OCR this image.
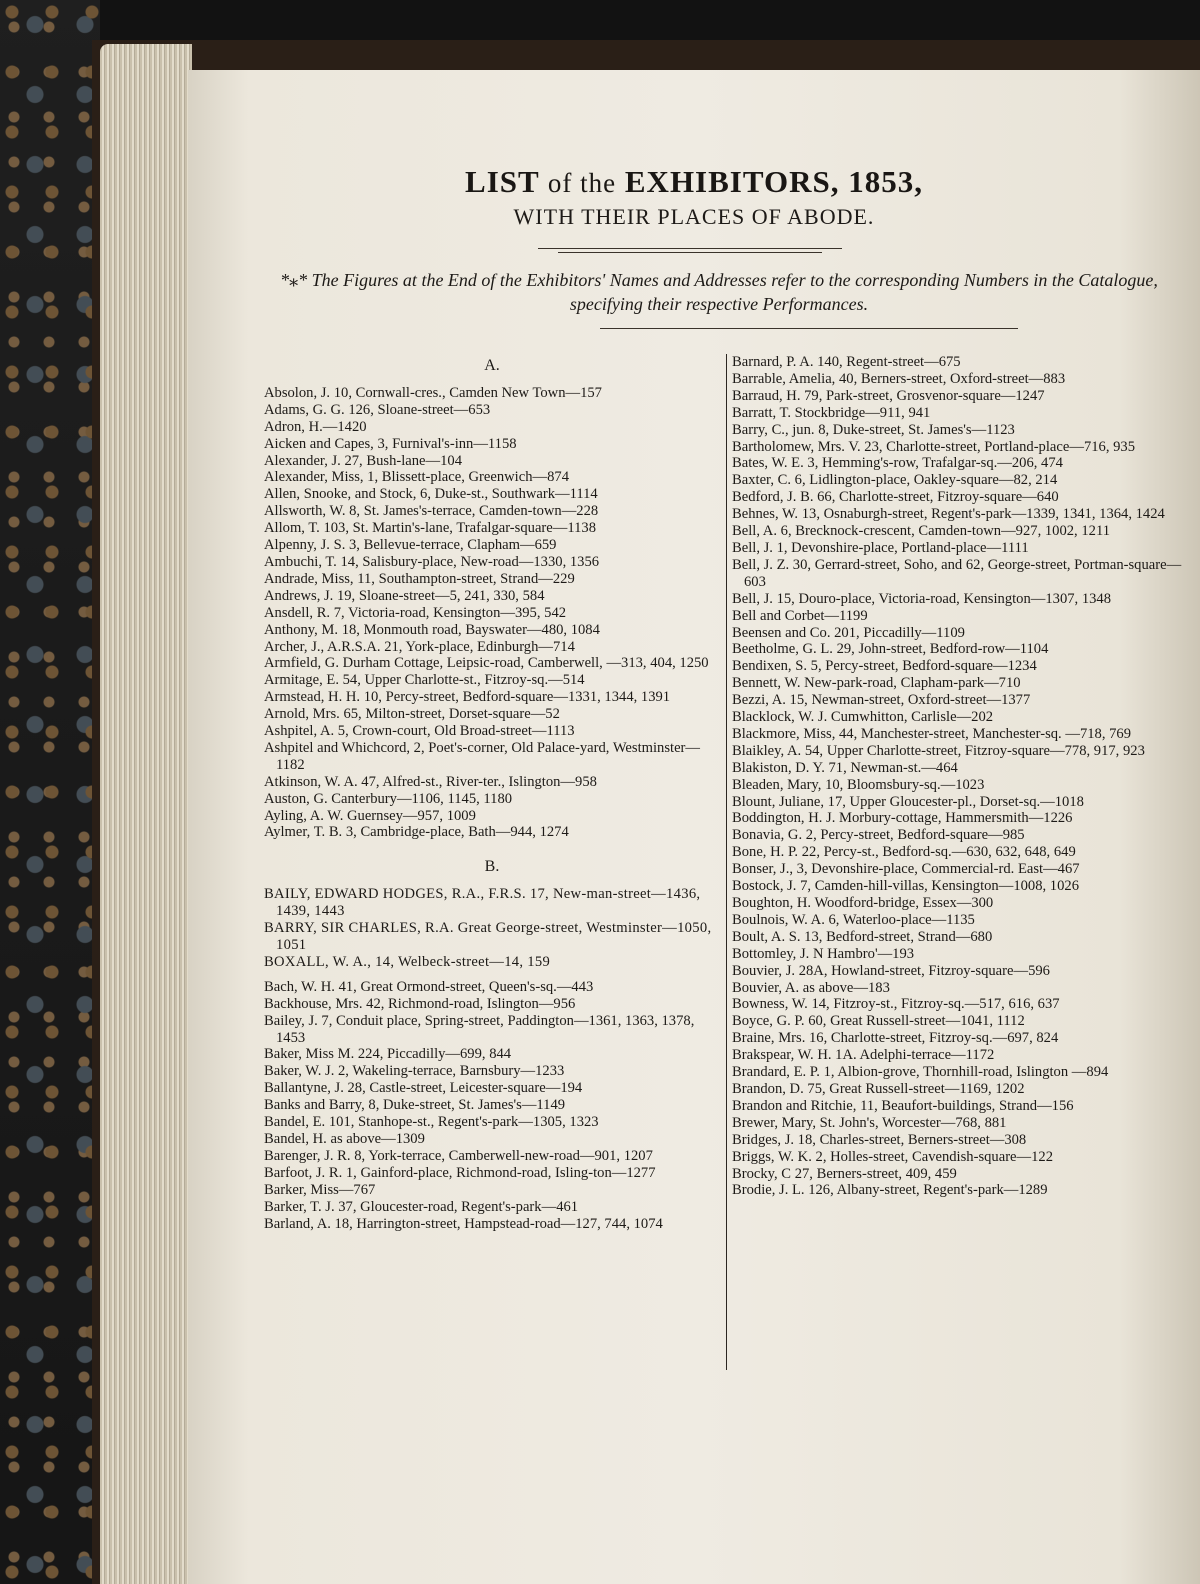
LIST of the EXHIBITORS, 1853,
WITH THEIR PLACES OF ABODE.
*⁎* The Figures at the End of the Exhibitors' Names and Addresses refer to the corresponding Numbers in the Catalogue, specifying their respective Performances.
A.

Absolon, J. 10, Cornwall-cres., Camden New Town—157

Adams, G. G. 126, Sloane-street—653

Adron, H.—1420

Aicken and Capes, 3, Furnival's-inn—1158

Alexander, J. 27, Bush-lane—104

Alexander, Miss, 1, Blissett-place, Greenwich—874

Allen, Snooke, and Stock, 6, Duke-st., Southwark—1114

Allsworth, W. 8, St. James's-terrace, Camden-town—228

Allom, T. 103, St. Martin's-lane, Trafalgar-square—1138

Alpenny, J. S. 3, Bellevue-terrace, Clapham—659

Ambuchi, T. 14, Salisbury-place, New-road—1330, 1356

Andrade, Miss, 11, Southampton-street, Strand—229

Andrews, J. 19, Sloane-street—5, 241, 330, 584

Ansdell, R. 7, Victoria-road, Kensington—395, 542

Anthony, M. 18, Monmouth road, Bayswater—480, 1084

Archer, J., A.R.S.A. 21, York-place, Edinburgh—714

Armfield, G. Durham Cottage, Leipsic-road, Camberwell, —313, 404, 1250

Armitage, E. 54, Upper Charlotte-st., Fitzroy-sq.—514

Armstead, H. H. 10, Percy-street, Bedford-square—1331, 1344, 1391

Arnold, Mrs. 65, Milton-street, Dorset-square—52

Ashpitel, A. 5, Crown-court, Old Broad-street—1113

Ashpitel and Whichcord, 2, Poet's-corner, Old Palace-yard, Westminster—1182

Atkinson, W. A. 47, Alfred-st., River-ter., Islington—958

Auston, G. Canterbury—1106, 1145, 1180

Ayling, A. W. Guernsey—957, 1009

Aylmer, T. B. 3, Cambridge-place, Bath—944, 1274

B.

BAILY, EDWARD HODGES, R.A., F.R.S. 17, New-man-street—1436, 1439, 1443

BARRY, SIR CHARLES, R.A. Great George-street, Westminster—1050, 1051

BOXALL, W. A., 14, Welbeck-street—14, 159

Bach, W. H. 41, Great Ormond-street, Queen's-sq.—443

Backhouse, Mrs. 42, Richmond-road, Islington—956

Bailey, J. 7, Conduit place, Spring-street, Paddington—1361, 1363, 1378, 1453

Baker, Miss M. 224, Piccadilly—699, 844

Baker, W. J. 2, Wakeling-terrace, Barnsbury—1233

Ballantyne, J. 28, Castle-street, Leicester-square—194

Banks and Barry, 8, Duke-street, St. James's—1149

Bandel, E. 101, Stanhope-st., Regent's-park—1305, 1323

Bandel, H. as above—1309

Barenger, J. R. 8, York-terrace, Camberwell-new-road—901, 1207

Barfoot, J. R. 1, Gainford-place, Richmond-road, Isling-ton—1277

Barker, Miss—767

Barker, T. J. 37, Gloucester-road, Regent's-park—461

Barland, A. 18, Harrington-street, Hampstead-road—127, 744, 1074

Barnard, P. A. 140, Regent-street—675

Barrable, Amelia, 40, Berners-street, Oxford-street—883

Barraud, H. 79, Park-street, Grosvenor-square—1247

Barratt, T. Stockbridge—911, 941

Barry, C., jun. 8, Duke-street, St. James's—1123

Bartholomew, Mrs. V. 23, Charlotte-street, Portland-place—716, 935

Bates, W. E. 3, Hemming's-row, Trafalgar-sq.—206, 474

Baxter, C. 6, Lidlington-place, Oakley-square—82, 214

Bedford, J. B. 66, Charlotte-street, Fitzroy-square—640

Behnes, W. 13, Osnaburgh-street, Regent's-park—1339, 1341, 1364, 1424

Bell, A. 6, Brecknock-crescent, Camden-town—927, 1002, 1211

Bell, J. 1, Devonshire-place, Portland-place—1111

Bell, J. Z. 30, Gerrard-street, Soho, and 62, George-street, Portman-square—603

Bell, J. 15, Douro-place, Victoria-road, Kensington—1307, 1348

Bell and Corbet—1199

Beensen and Co. 201, Piccadilly—1109

Beetholme, G. L. 29, John-street, Bedford-row—1104

Bendixen, S. 5, Percy-street, Bedford-square—1234

Bennett, W. New-park-road, Clapham-park—710

Bezzi, A. 15, Newman-street, Oxford-street—1377

Blacklock, W. J. Cumwhitton, Carlisle—202

Blackmore, Miss, 44, Manchester-street, Manchester-sq. —718, 769

Blaikley, A. 54, Upper Charlotte-street, Fitzroy-square—778, 917, 923

Blakiston, D. Y. 71, Newman-st.—464

Bleaden, Mary, 10, Bloomsbury-sq.—1023

Blount, Juliane, 17, Upper Gloucester-pl., Dorset-sq.—1018

Boddington, H. J. Morbury-cottage, Hammersmith—1226

Bonavia, G. 2, Percy-street, Bedford-square—985

Bone, H. P. 22, Percy-st., Bedford-sq.—630, 632, 648, 649

Bonser, J., 3, Devonshire-place, Commercial-rd. East—467

Bostock, J. 7, Camden-hill-villas, Kensington—1008, 1026

Boughton, H. Woodford-bridge, Essex—300

Boulnois, W. A. 6, Waterloo-place—1135

Boult, A. S. 13, Bedford-street, Strand—680

Bottomley, J. N Hambro'—193

Bouvier, J. 28A, Howland-street, Fitzroy-square—596

Bouvier, A. as above—183

Bowness, W. 14, Fitzroy-st., Fitzroy-sq.—517, 616, 637

Boyce, G. P. 60, Great Russell-street—1041, 1112

Braine, Mrs. 16, Charlotte-street, Fitzroy-sq.—697, 824

Brakspear, W. H. 1A. Adelphi-terrace—1172

Brandard, E. P. 1, Albion-grove, Thornhill-road, Islington —894

Brandon, D. 75, Great Russell-street—1169, 1202

Brandon and Ritchie, 11, Beaufort-buildings, Strand—156

Brewer, Mary, St. John's, Worcester—768, 881

Bridges, J. 18, Charles-street, Berners-street—308

Briggs, W. K. 2, Holles-street, Cavendish-square—122

Brocky, C 27, Berners-street, 409, 459

Brodie, J. L. 126, Albany-street, Regent's-park—1289
